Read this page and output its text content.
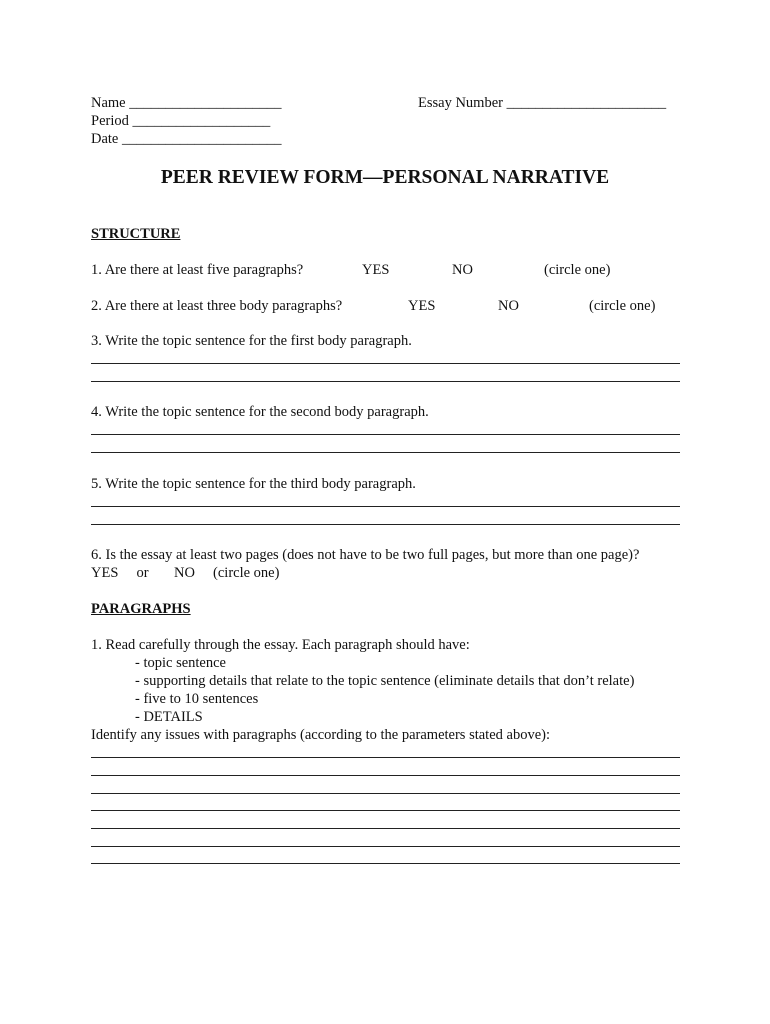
Name _____________________	Essay Number ______________________
Period ___________________
Date ______________________
PEER REVIEW FORM—PERSONAL NARRATIVE
STRUCTURE
1. Are there at least five paragraphs?	YES	NO	(circle one)
2. Are there at least three body paragraphs?	YES	NO	(circle one)
3. Write the topic sentence for the first body paragraph.
4. Write the topic sentence for the second body paragraph.
5. Write the topic sentence for the third body paragraph.
6. Is the essay at least two pages (does not have to be two full pages, but more than one page)?
YES     or       NO     (circle one)
PARAGRAPHS
1. Read carefully through the essay. Each paragraph should have:
- topic sentence
- supporting details that relate to the topic sentence (eliminate details that don’t relate)
- five to 10 sentences
- DETAILS
Identify any issues with paragraphs (according to the parameters stated above):
